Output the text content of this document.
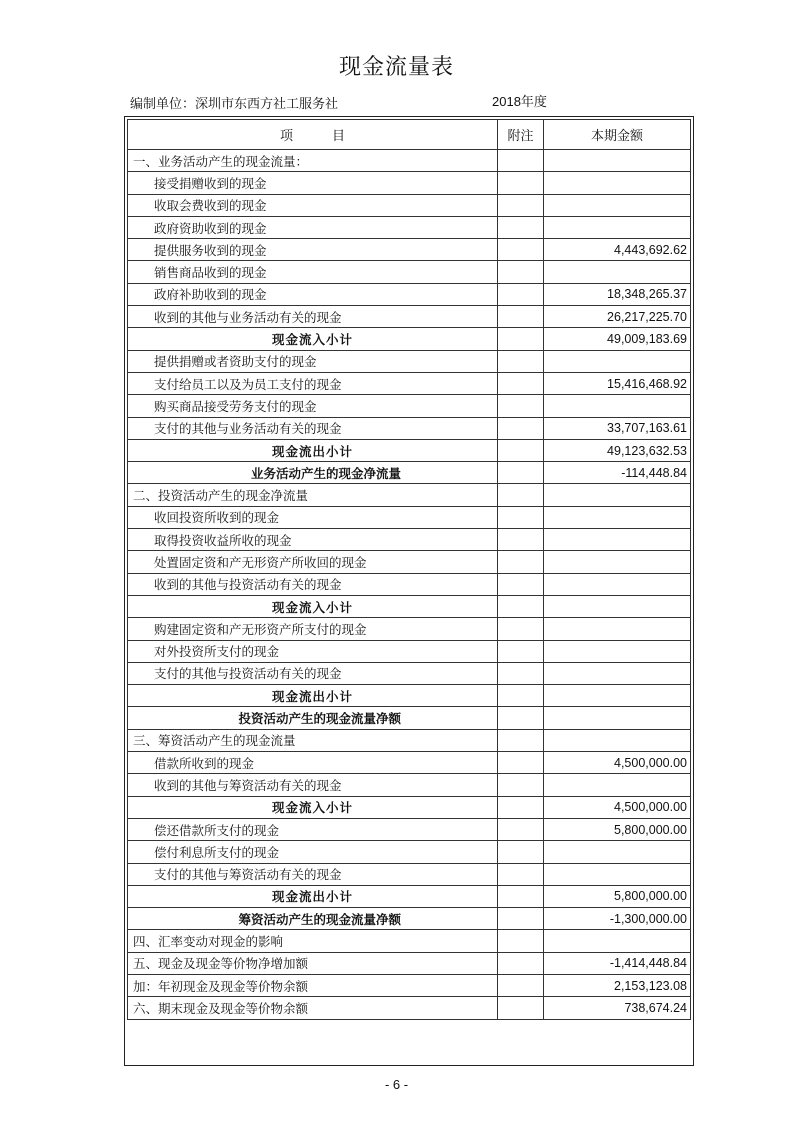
现金流量表
编制单位：深圳市东西方社工服务社	2018年度
项　　　目	附注	本期金额
一、业务活动产生的现金流量：		
接受捐赠收到的现金		
收取会费收到的现金		
政府资助收到的现金		
提供服务收到的现金		4,443,692.62
销售商品收到的现金		
政府补助收到的现金		18,348,265.37
收到的其他与业务活动有关的现金		26,217,225.70
现金流入小计		49,009,183.69
提供捐赠或者资助支付的现金		
支付给员工以及为员工支付的现金		15,416,468.92
购买商品接受劳务支付的现金		
支付的其他与业务活动有关的现金		33,707,163.61
现金流出小计		49,123,632.53
业务活动产生的现金净流量		-114,448.84
二、投资活动产生的现金净流量		
收回投资所收到的现金		
取得投资收益所收的现金		
处置固定资和产无形资产所收回的现金		
收到的其他与投资活动有关的现金		
现金流入小计		
购建固定资和产无形资产所支付的现金		
对外投资所支付的现金		
支付的其他与投资活动有关的现金		
现金流出小计		
投资活动产生的现金流量净额		
三、筹资活动产生的现金流量		
借款所收到的现金		4,500,000.00
收到的其他与筹资活动有关的现金		
现金流入小计		4,500,000.00
偿还借款所支付的现金		5,800,000.00
偿付利息所支付的现金		
支付的其他与筹资活动有关的现金		
现金流出小计		5,800,000.00
筹资活动产生的现金流量净额		-1,300,000.00
四、汇率变动对现金的影响		
五、现金及现金等价物净增加额		-1,414,448.84
加：年初现金及现金等价物余额		2,153,123.08
六、期末现金及现金等价物余额		738,674.24
- 6 -
